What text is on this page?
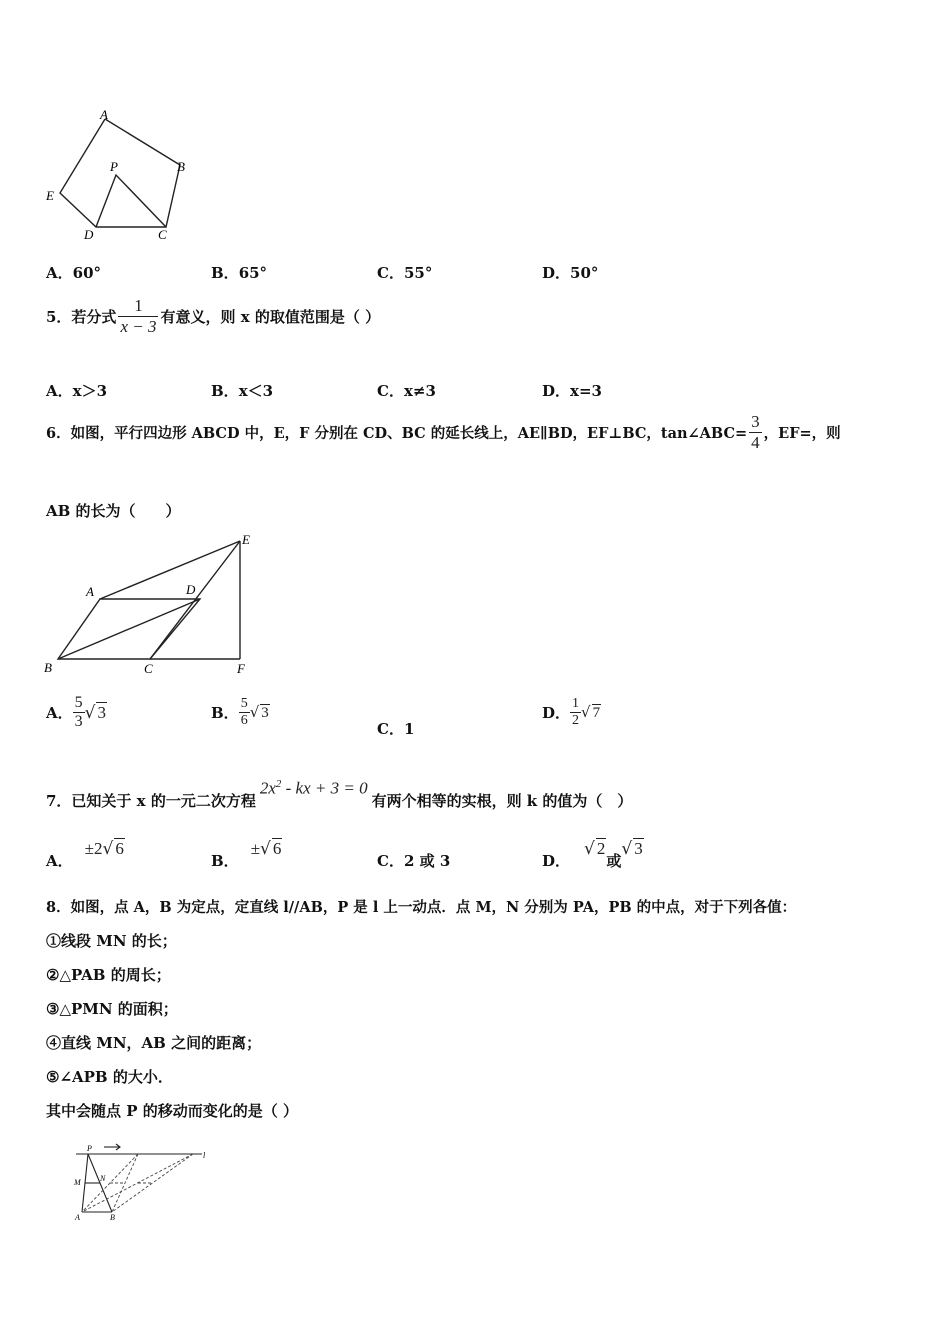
A
B
E
P
D	C
A．60°	B．65°	C．55°	D．50°
5．若分式 $\frac{1}{x - 3}$ 有意义，则 x 的取值范围是（ ）
A．x＞3	B．x＜3	C．x≠3	D．x=3
6．如图，平行四边形 ABCD 中，E，F 分别在 CD、BC 的延长线上，AE∥BD，EF⊥BC，tan∠ABC= $\frac{3}{4}$ ，EF=，则
AB 的长为（　　）
E
A	D
B	C	F
A． $\frac{5}{3}$ √ 3	B． $\frac{5}{6}$ √ 3
C．1
D． $\frac{1}{2}$ √ 7
7．已知关于 x 的一元二次方程
$2x^2$ - kx + 3 = 0
有两个相等的实根，则 k 的值为（　）
A．
±2√ 6
B．
±√ 6
C．2 或 3	D．
√ 2
或
√ 3
8．如图，点 A，B 为定点，定直线 l//AB，P 是 l 上一动点．点 M，N 分别为 PA，PB 的中点，对于下列各值：
①线段 MN 的长；
②△PAB 的周长；
③△PMN 的面积；
④直线 MN，AB 之间的距离；
⑤∠APB 的大小．
其中会随点 P 的移动而变化的是（ ）
P
l
M N
A	B
